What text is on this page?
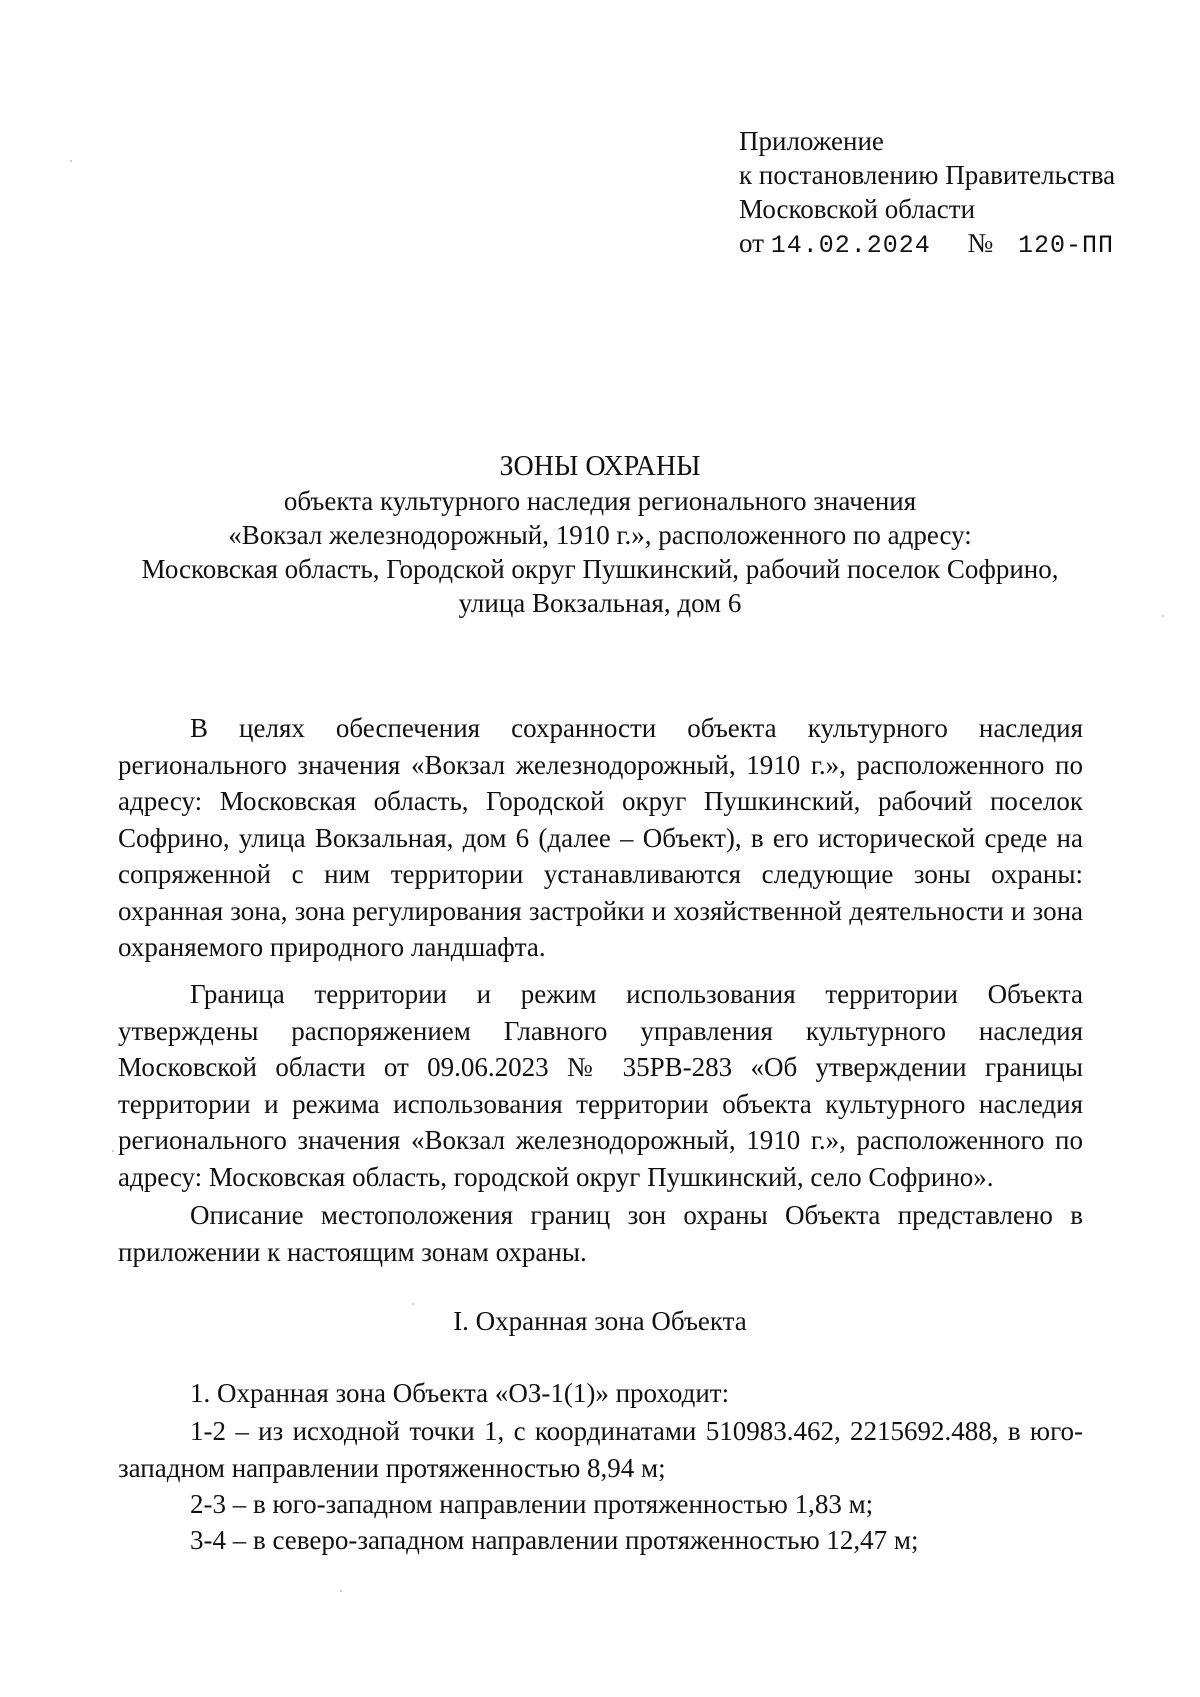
Приложение
к постановлению Правительства
Московской области
от 14.02.2024 № 120-ПП
ЗОНЫ ОХРАНЫ
объекта культурного наследия регионального значения
«Вокзал железнодорожный, 1910 г.», расположенного по адресу:
Московская область, Городской округ Пушкинский, рабочий поселок Софрино,
улица Вокзальная, дом 6

В целях обеспечения сохранности объекта культурного наследия регионального значения «Вокзал железнодорожный, 1910 г.», расположенного по адресу: Московская область, Городской округ Пушкинский, рабочий поселок Софрино, улица Вокзальная, дом 6 (далее – Объект), в его исторической среде на сопряженной с ним территории устанавливаются следующие зоны охраны: охранная зона, зона регулирования застройки и хозяйственной деятельности и зона охраняемого природного ландшафта.

Граница территории и режим использования территории Объекта утверждены распоряжением Главного управления культурного наследия Московской области от 09.06.2023 № 35РВ-283 «Об утверждении границы территории и режима использования территории объекта культурного наследия регионального значения «Вокзал железнодорожный, 1910 г.», расположенного по адресу: Московская область, городской округ Пушкинский, село Софрино».

Описание местоположения границ зон охраны Объекта представлено в приложении к настоящим зонам охраны.

I. Охранная зона Объекта

1. Охранная зона Объекта «ОЗ-1(1)» проходит:

1-2 – из исходной точки 1, с координатами 510983.462, 2215692.488, в юго-западном направлении протяженностью 8,94 м;

2-3 – в юго-западном направлении протяженностью 1,83 м;

3-4 – в северо-западном направлении протяженностью 12,47 м;
